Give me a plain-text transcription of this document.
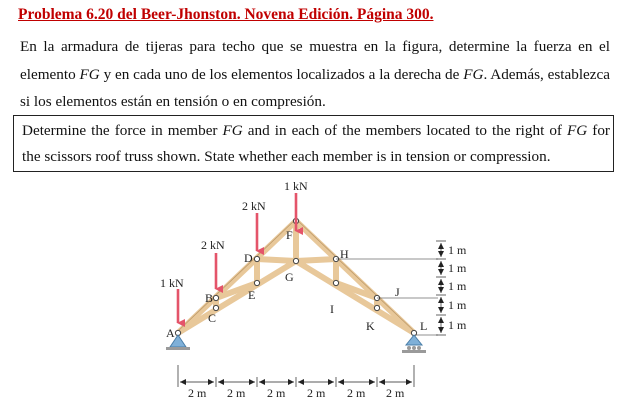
Problema 6.20 del Beer-Jhonston. Novena Edición. Página 300.
En la armadura de tijeras para techo que se muestra en la figura, determine la fuerza en el elemento FG y en cada uno de los elementos localizados a la derecha de FG. Además, establezca si los elementos están en tensión o en compresión.
Determine the force in member FG and in each of the members located to the right of FG for the scissors roof truss shown. State whether each member is in tension or compression.
A
B
C
D
E
F
G
H
I
J
K	L
1 kN
2 kN
2 kN
1 kN
1 m
1 m
1 m
1 m
1 m
2 m 2 m 2 m 2 m 2 m 2 m
